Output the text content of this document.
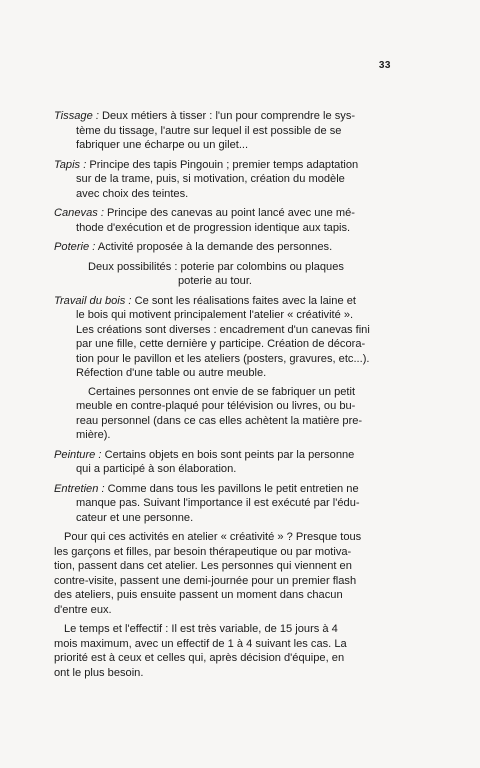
33
Tissage : Deux métiers à tisser : l'un pour comprendre le sys-
tème du tissage, l'autre sur lequel il est possible de se
fabriquer une écharpe ou un gilet...
Tapis : Principe des tapis Pingouin ; premier temps adaptation
sur de la trame, puis, si motivation, création du modèle
avec choix des teintes.
Canevas : Principe des canevas au point lancé avec une mé-
thode d'exécution et de progression identique aux tapis.
Poterie : Activité proposée à la demande des personnes.
Deux possibilités : poterie par colombins ou plaques
poterie au tour.
Travail du bois : Ce sont les réalisations faites avec la laine et
le bois qui motivent principalement l'atelier « créativité ».
Les créations sont diverses : encadrement d'un canevas fini
par une fille, cette dernière y participe. Création de décora-
tion pour le pavillon et les ateliers (posters, gravures, etc...).
Réfection d'une table ou autre meuble.
Certaines personnes ont envie de se fabriquer un petit
meuble en contre-plaqué pour télévision ou livres, ou bu-
reau personnel (dans ce cas elles achètent la matière pre-
mière).
Peinture : Certains objets en bois sont peints par la personne
qui a participé à son élaboration.
Entretien : Comme dans tous les pavillons le petit entretien ne
manque pas. Suivant l'importance il est exécuté par l'édu-
cateur et une personne.
Pour qui ces activités en atelier « créativité » ? Presque tous
les garçons et filles, par besoin thérapeutique ou par motiva-
tion, passent dans cet atelier. Les personnes qui viennent en
contre-visite, passent une demi-journée pour un premier flash
des ateliers, puis ensuite passent un moment dans chacun
d'entre eux.
Le temps et l'effectif : Il est très variable, de 15 jours à 4
mois maximum, avec un effectif de 1 à 4 suivant les cas. La
priorité est à ceux et celles qui, après décision d'équipe, en
ont le plus besoin.
